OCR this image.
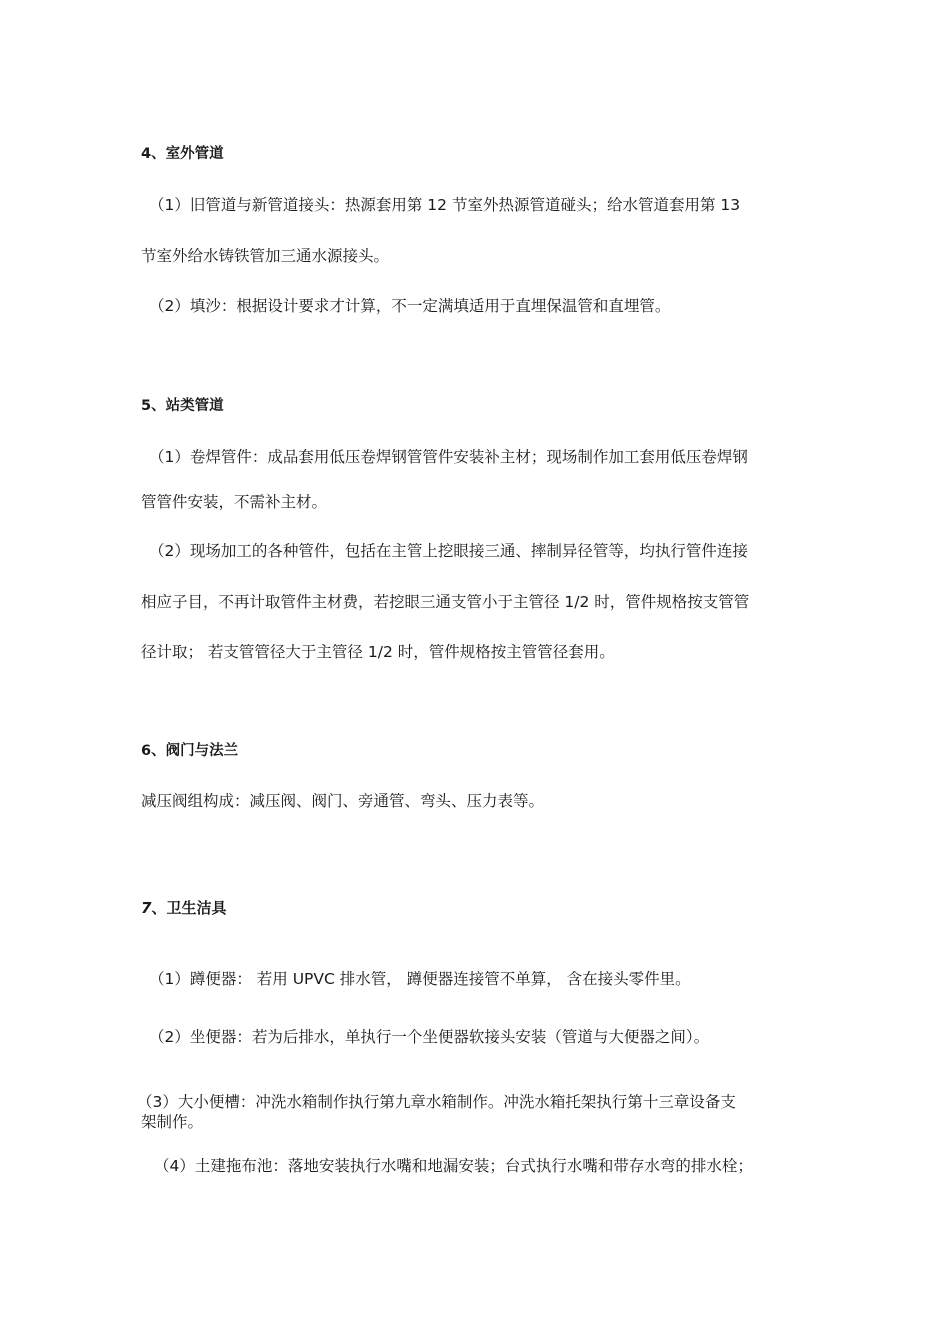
4、室外管道
（1）旧管道与新管道接头：热源套用第 12 节室外热源管道碰头；给水管道套用第 13
节室外给水铸铁管加三通水源接头。
（2）填沙：根据设计要求才计算，不一定满填适用于直埋保温管和直埋管。
5、站类管道
（1）卷焊管件：成品套用低压卷焊钢管管件安装补主材；现场制作加工套用低压卷焊钢
管管件安装，不需补主材。
（2）现场加工的各种管件，包括在主管上挖眼接三通、摔制异径管等，均执行管件连接
相应子目，不再计取管件主材费，若挖眼三通支管小于主管径 1/2 时，管件规格按支管管
径计取； 若支管管径大于主管径 1/2 时，管件规格按主管管径套用。
6、阀门与法兰
减压阀组构成：减压阀、阀门、旁通管、弯头、压力表等。
7、卫生洁具
（1）蹲便器： 若用 UPVC 排水管， 蹲便器连接管不单算， 含在接头零件里。
（2）坐便器：若为后排水，单执行一个坐便器软接头安装（管道与大便器之间）。
（3）大小便槽：冲洗水箱制作执行第九章水箱制作。冲洗水箱托架执行第十三章设备支
架制作。
（4）土建拖布池：落地安装执行水嘴和地漏安装；台式执行水嘴和带存水弯的排水栓；
